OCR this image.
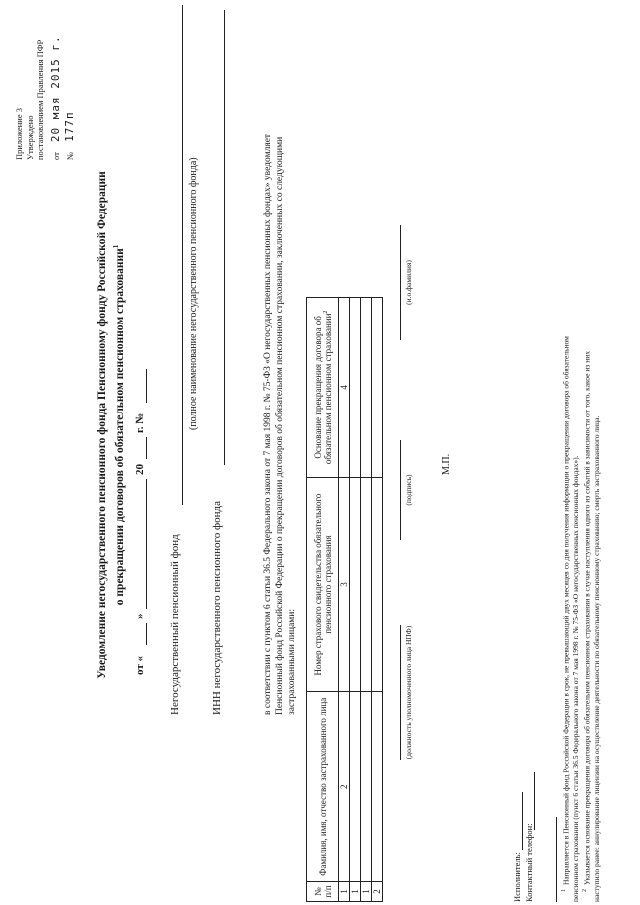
Приложение 3 Утверждено постановлением Правления ПФР от 20 мая 2015 г.
№ 177п
Уведомление негосударственного пенсионного фонда Пенсионному фонду Российской Федерации о прекращении договоров об обязательном пенсионном страховании$^1$
от «
»
20
г. №
Негосударственный пенсионный фонд
(полное наименование негосударственного пенсионного фонда)
ИНН негосударственного пенсионного фонда	в соответствии с пунктом 6 статьи 36.5 Федерального закона от 7 мая 1998 г. № 75-ФЗ «О негосударственных пенсионных фондах» уведомляет Пенсионный фонд Российской Федерации о прекращении договоров об обязательном пенсионном страховании, заключенных со следующими застрахованными лицами:
№ п/п	Фамилия, имя, отчество застрахованного лица	Номер страхового свидетельства обязательного пенсионного страхования	Основание прекращения договора об обязательном пенсионном страховании$^2$
1	2	3	4
1			
1			
2			
(должность уполномоченного лица НПФ)
(подпись)
(и.о.фамилия)
М.П.
Исполнитель: Контактный телефон:	$^1$Направляется в Пенсионный фонд Российской Федерации в срок, не превышающий двух месяцев со дня получения информации о прекращении договора об обязательном пенсионном страховании (пункт 6 статьи 36.5 Федерального закона от 7 мая 1998 г. № 75-ФЗ «О негосударственных пенсионных фондах»). $^2$Указывается основание прекращения договора об обязательном пенсионном страховании в случае наступления одного из событий в зависимости от того, какое из них наступило ранее: аннулирование лицензии на осуществление деятельности по обязательному пенсионному страхованию; смерть застрахованного лица.
